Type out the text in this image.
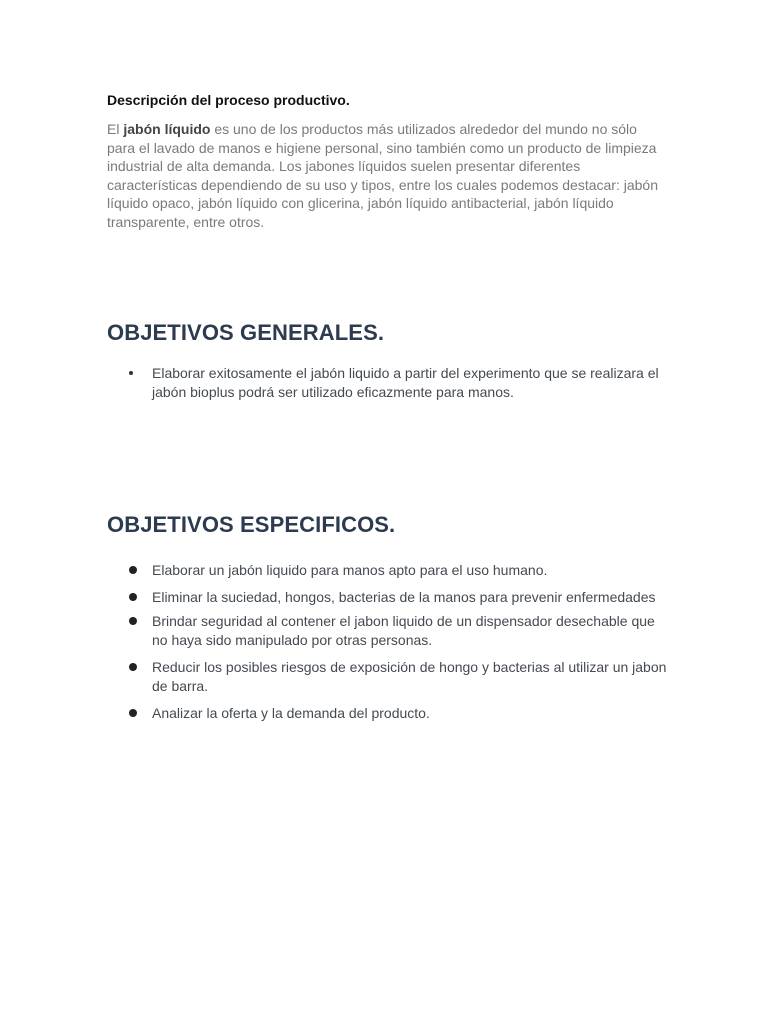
Descripción del proceso productivo.
El jabón líquido es uno de los productos más utilizados alrededor del mundo no sólo para el lavado de manos e higiene personal, sino también como un producto de limpieza industrial de alta demanda. Los jabones líquidos suelen presentar diferentes características dependiendo de su uso y tipos, entre los cuales podemos destacar: jabón líquido opaco, jabón líquido con glicerina, jabón líquido antibacterial, jabón líquido transparente, entre otros.
OBJETIVOS GENERALES.
Elaborar exitosamente el jabón liquido a partir del experimento que se realizara el jabón bioplus podrá ser utilizado eficazmente para manos.
OBJETIVOS ESPECIFICOS.
Elaborar un jabón liquido para manos apto para el uso humano.
Eliminar la suciedad, hongos, bacterias de la manos para prevenir enfermedades
Brindar seguridad al contener el jabon liquido de un dispensador desechable que no haya sido manipulado por otras personas.
Reducir los posibles riesgos de exposición de hongo y bacterias al utilizar un jabon de barra.
Analizar la oferta y la demanda del producto.
